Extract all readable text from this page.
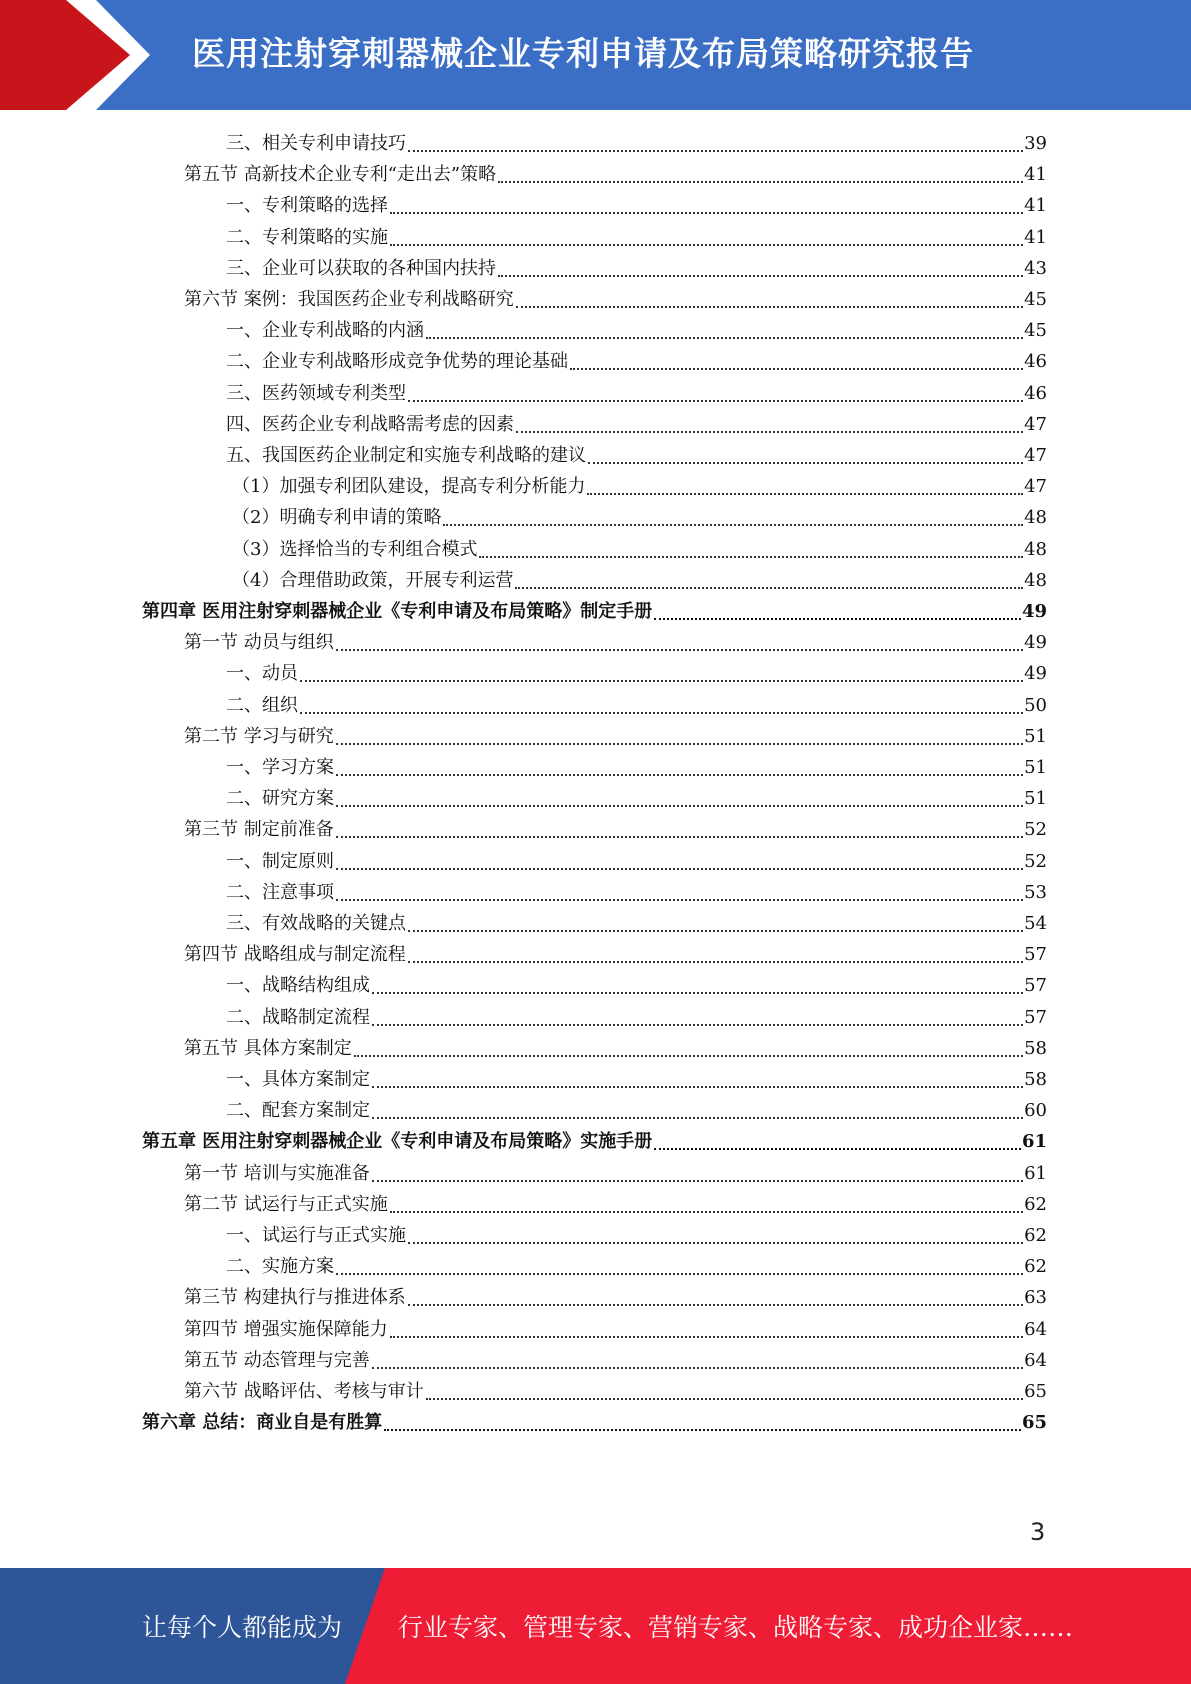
医用注射穿刺器械企业专利申请及布局策略研究报告
三、相关专利申请技巧	39
第五节 高新技术企业专利“走出去”策略	41
一、专利策略的选择	41
二、专利策略的实施	41
三、企业可以获取的各种国内扶持	43
第六节 案例：我国医药企业专利战略研究	45
一、企业专利战略的内涵	45
二、企业专利战略形成竞争优势的理论基础	46
三、医药领域专利类型	46
四、医药企业专利战略需考虑的因素	47
五、我国医药企业制定和实施专利战略的建议	47
（1）加强专利团队建设，提高专利分析能力	47
（2）明确专利申请的策略	48
（3）选择恰当的专利组合模式	48
（4）合理借助政策，开展专利运营	48
第四章 医用注射穿刺器械企业《专利申请及布局策略》制定手册	49
第一节 动员与组织	49
一、动员	49
二、组织	50
第二节 学习与研究	51
一、学习方案	51
二、研究方案	51
第三节 制定前准备	52
一、制定原则	52
二、注意事项	53
三、有效战略的关键点	54
第四节 战略组成与制定流程	57
一、战略结构组成	57
二、战略制定流程	57
第五节 具体方案制定	58
一、具体方案制定	58
二、配套方案制定	60
第五章 医用注射穿刺器械企业《专利申请及布局策略》实施手册	61
第一节 培训与实施准备	61
第二节 试运行与正式实施	62
一、试运行与正式实施	62
二、实施方案	62
第三节 构建执行与推进体系	63
第四节 增强实施保障能力	64
第五节 动态管理与完善	64
第六节 战略评估、考核与审计	65
第六章 总结：商业自是有胜算	65
3
让每个人都能成为 行业专家、管理专家、营销专家、战略专家、成功企业家……
